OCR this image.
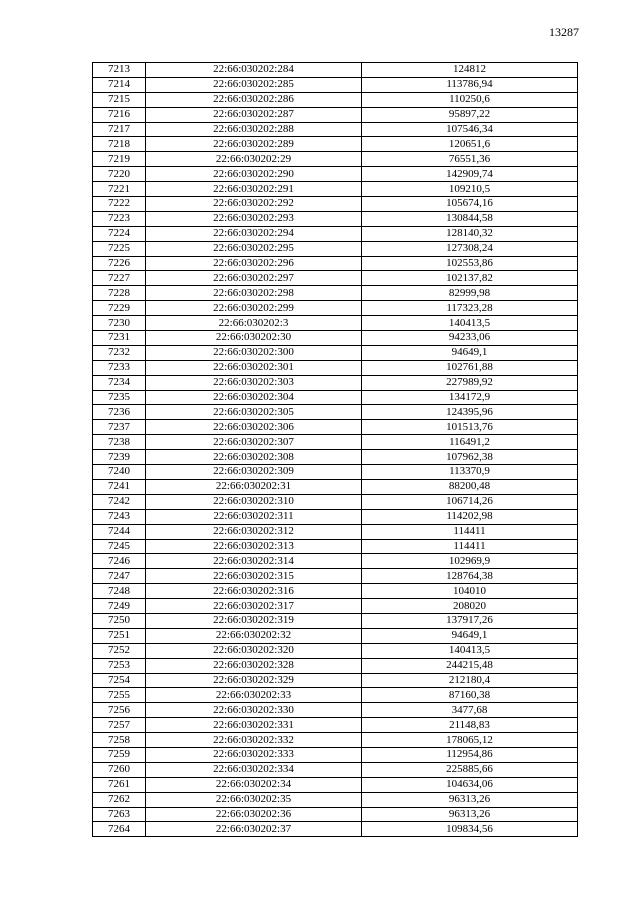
13287
7213	22:66:030202:284	124812
7214	22:66:030202:285	113786,94
7215	22:66:030202:286	110250,6
7216	22:66:030202:287	95897,22
7217	22:66:030202:288	107546,34
7218	22:66:030202:289	120651,6
7219	22:66:030202:29	76551,36
7220	22:66:030202:290	142909,74
7221	22:66:030202:291	109210,5
7222	22:66:030202:292	105674,16
7223	22:66:030202:293	130844,58
7224	22:66:030202:294	128140,32
7225	22:66:030202:295	127308,24
7226	22:66:030202:296	102553,86
7227	22:66:030202:297	102137,82
7228	22:66:030202:298	82999,98
7229	22:66:030202:299	117323,28
7230	22:66:030202:3	140413,5
7231	22:66:030202:30	94233,06
7232	22:66:030202:300	94649,1
7233	22:66:030202:301	102761,88
7234	22:66:030202:303	227989,92
7235	22:66:030202:304	134172,9
7236	22:66:030202:305	124395,96
7237	22:66:030202:306	101513,76
7238	22:66:030202:307	116491,2
7239	22:66:030202:308	107962,38
7240	22:66:030202:309	113370,9
7241	22:66:030202:31	88200,48
7242	22:66:030202:310	106714,26
7243	22:66:030202:311	114202,98
7244	22:66:030202:312	114411
7245	22:66:030202:313	114411
7246	22:66:030202:314	102969,9
7247	22:66:030202:315	128764,38
7248	22:66:030202:316	104010
7249	22:66:030202:317	208020
7250	22:66:030202:319	137917,26
7251	22:66:030202:32	94649,1
7252	22:66:030202:320	140413,5
7253	22:66:030202:328	244215,48
7254	22:66:030202:329	212180,4
7255	22:66:030202:33	87160,38
7256	22:66:030202:330	3477,68
7257	22:66:030202:331	21148,83
7258	22:66:030202:332	178065,12
7259	22:66:030202:333	112954,86
7260	22:66:030202:334	225885,66
7261	22:66:030202:34	104634,06
7262	22:66:030202:35	96313,26
7263	22:66:030202:36	96313,26
7264	22:66:030202:37	109834,56
